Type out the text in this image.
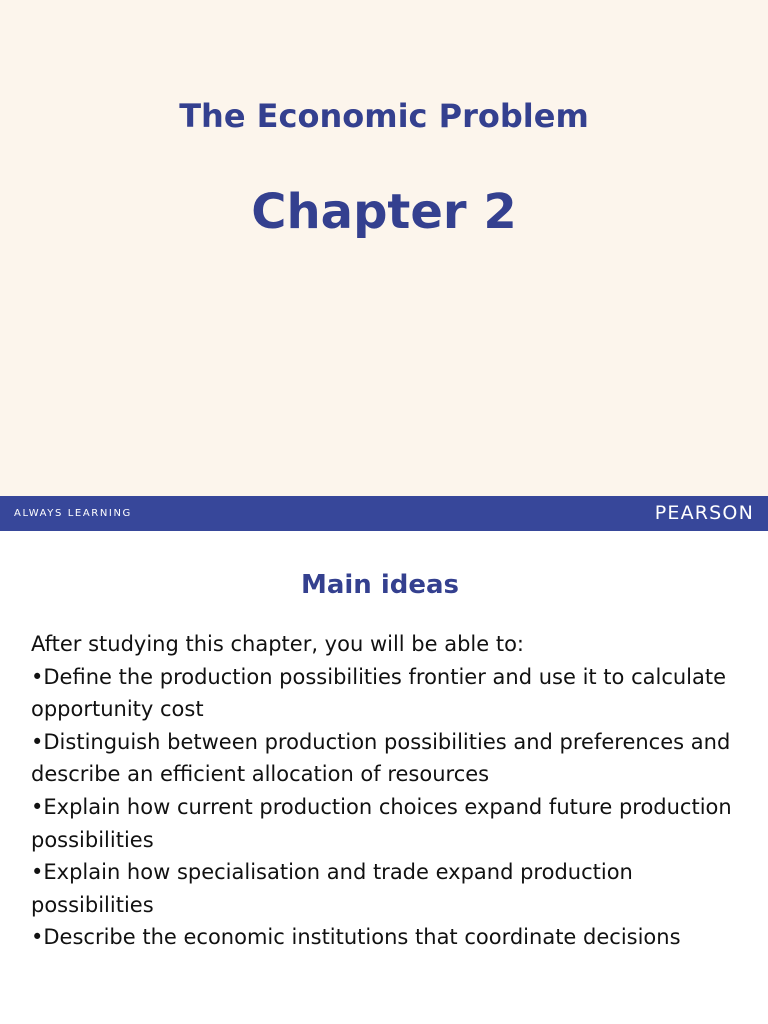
The Economic Problem
Chapter 2
ALWAYS LEARNING	PEARSON
Main ideas

After studying this chapter, you will be able to:

•Define the production possibilities frontier and use it to calculate opportunity cost

•Distinguish between production possibilities and preferences and describe an efficient allocation of resources

•Explain how current production choices expand future production possibilities

•Explain how specialisation and trade expand production possibilities

•Describe the economic institutions that coordinate decisions
